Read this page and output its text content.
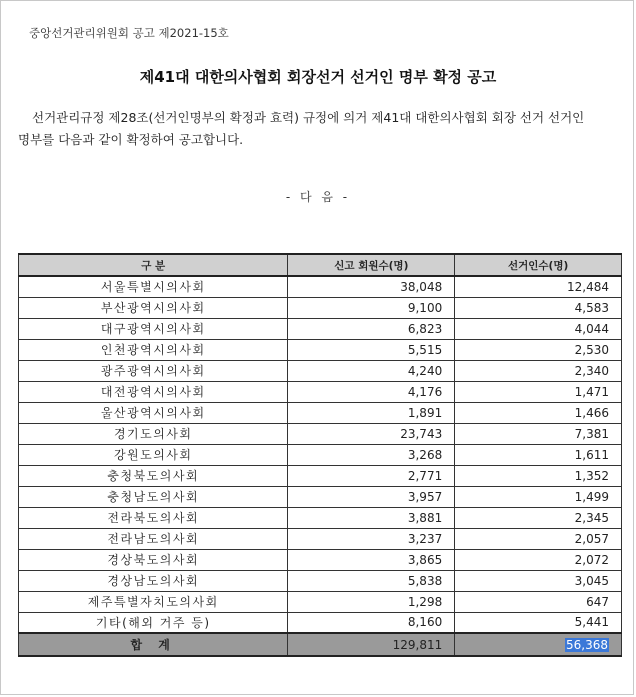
중앙선거관리위원회 공고 제2021-15호
제41대 대한의사협회 회장선거 선거인 명부 확정 공고
선거관리규정 제28조(선거인명부의 확정과 효력) 규정에 의거 제41대 대한의사협회 회장 선거 선거인 명부를 다음과 같이 확정하여 공고합니다.
- 다 음 -
구 분	신고 회원수(명)	선거인수(명)
서울특별시의사회	38,048	12,484
부산광역시의사회	9,100	4,583
대구광역시의사회	6,823	4,044
인천광역시의사회	5,515	2,530
광주광역시의사회	4,240	2,340
대전광역시의사회	4,176	1,471
울산광역시의사회	1,891	1,466
경기도의사회	23,743	7,381
강원도의사회	3,268	1,611
충청북도의사회	2,771	1,352
충청남도의사회	3,957	1,499
전라북도의사회	3,881	2,345
전라남도의사회	3,237	2,057
경상북도의사회	3,865	2,072
경상남도의사회	5,838	3,045
제주특별자치도의사회	1,298	647
기타(해외 거주 등)	8,160	5,441
합 계	129,811	56,368
